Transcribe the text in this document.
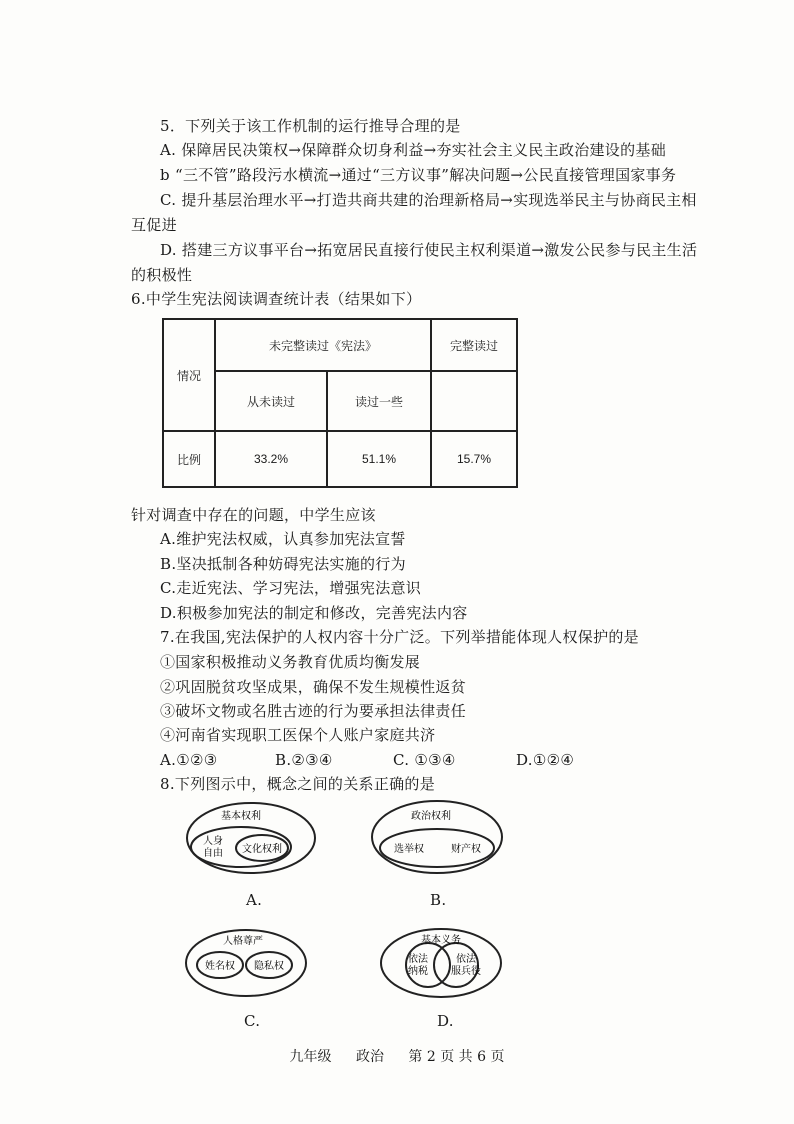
5．下列关于该工作机制的运行推导合理的是
A. 保障居民决策权→保障群众切身利益→夯实社会主义民主政治建设的基础
b “三不管”路段污水横流→通过“三方议事”解决问题→公民直接管理国家事务
C. 提升基层治理水平→打造共商共建的治理新格局→实现选举民主与协商民主相
互促进
D. 搭建三方议事平台→拓宽居民直接行使民主权利渠道→激发公民参与民主生活
的积极性
6.中学生宪法阅读调查统计表（结果如下）
情况	未完整读过《宪法》		完整读过
	从未读过	读过一些	
比例	33.2%	51.1%	15.7%
针对调查中存在的问题，中学生应该
A.维护宪法权威，认真参加宪法宣誓
B.坚决抵制各种妨碍宪法实施的行为
C.走近宪法、学习宪法，增强宪法意识
D.积极参加宪法的制定和修改，完善宪法内容
7.在我国,宪法保护的人权内容十分广泛。下列举措能体现人权保护的是
①国家积极推动义务教育优质均衡发展
②巩固脱贫攻坚成果，确保不发生规模性返贫
③破坏文物或名胜古迹的行为要承担法律责任
④河南省实现职工医保个人账户家庭共济
A.①②③	B.②③④	C. ①③④	D.①②④
8.下列图示中，概念之间的关系正确的是
基本权利
人身
自由 文化权利
A.
政治权利
选举权	财产权
B.
人格尊严
姓名权 隐私权
C.
基本义务
依法
纳税
依法
服兵役
D.
九年级 政治 第 2 页 共 6 页
